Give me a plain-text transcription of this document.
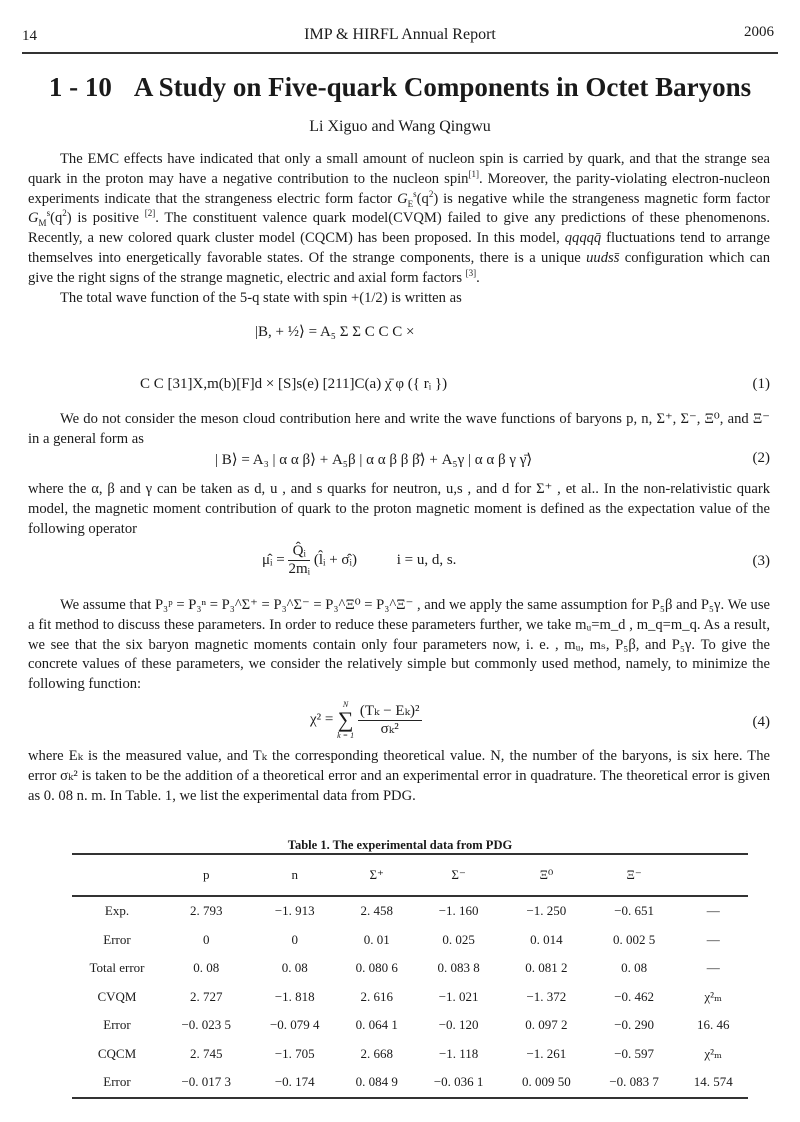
14	IMP & HIRFL Annual Report	2006
1 - 10 A Study on Five-quark Components in Octet Baryons
Li Xiguo and Wang Qingwu

The EMC effects have indicated that only a small amount of nucleon spin is carried by quark, and that the strange sea quark in the proton may have a negative contribution to the nucleon spin[1]. Moreover, the parity-violating electron-nucleon experiments indicate that the strangeness electric form factor $G_E^s(q^2)$ is negative while the strangeness magnetic form factor $G_M^s(q^2)$ is positive [2]. The constituent valence quark model(CVQM) failed to give any predictions of these phenomenons. Recently, a new colored quark cluster model (CQCM) has been proposed. In this model, qqqqq̄ fluctuations tend to arrange themselves into energetically favorable states. Of the strange components, there is a unique uudss̄ configuration which can give the right signs of the strange magnetic, electric and axial form factors [3].

The total wave function of the 5-q state with spin +(1/2) is written as

|B, + ½⟩ = A₅ Σ Σ C C C ×
C C [31]X,m(b)[F]d × [S]s(e) [211]C(a) χ̄ φ ({ rᵢ })	(1)

We do not consider the meson cloud contribution here and write the wave functions of baryons p, n, Σ⁺, Σ⁻, Ξ⁰, and Ξ⁻ in a general form as

| B⟩ = A₃ | α α β⟩ + A₅β | α α β β β̄⟩ + A₅γ | α α β γ γ̄⟩	(2)

where the α, β and γ can be taken as d, u , and s quarks for neutron, u,s , and d for Σ⁺ , et al.. In the non-relativistic quark model, the magnetic moment contribution of quark to the proton magnetic moment is defined as the expectation value of the following operator

μ̂ᵢ = $\frac{\text{Q̂ᵢ}}{\text{2mᵢ}}$ (l̂ᵢ + σ̂ᵢ)	i = u, d, s.	(3)

We assume that P₃ᵖ = P₃ⁿ = P₃^Σ⁺ = P₃^Σ⁻ = P₃^Ξ⁰ = P₃^Ξ⁻ , and we apply the same assumption for P₅β and P₅γ. We use a fit method to discuss these parameters. In order to reduce these parameters further, we take mᵤ=m_d , m_q=m_q. As a result, we see that the six baryon magnetic moments contain only four parameters now, i. e. , mᵤ, mₛ, P₅β, and P₅γ. To give the concrete values of these parameters, we consider the relatively simple but commonly used method, namely, to minimize the following function:

χ² =
N
∑
k = 1
$\frac{\text{(Tₖ − Eₖ)²}}{\text{σₖ²}}$	(4)

where Eₖ is the measured value, and Tₖ the corresponding theoretical value. N, the number of the baryons, is six here. The error σₖ² is taken to be the addition of a theoretical error and an experimental error in quadrature. The theoretical error is given as 0. 08 n. m. In Table. 1, we list the experimental data from PDG.

Table 1. The experimental data from PDG
	p	n	Σ⁺	Σ⁻	Ξ⁰	Ξ⁻	
Exp.	2. 793	−1. 913	2. 458	−1. 160	−1. 250	−0. 651	—
Error	0	0	0. 01	0. 025	0. 014	0. 002 5	—
Total error	0. 08	0. 08	0. 080 6	0. 083 8	0. 081 2	0. 08	—
CVQM	2. 727	−1. 818	2. 616	−1. 021	−1. 372	−0. 462	χ²ₘ
Error	−0. 023 5	−0. 079 4	0. 064 1	−0. 120	0. 097 2	−0. 290	16. 46
CQCM	2. 745	−1. 705	2. 668	−1. 118	−1. 261	−0. 597	χ²ₘ
Error	−0. 017 3	−0. 174	0. 084 9	−0. 036 1	0. 009 50	−0. 083 7	14. 574
